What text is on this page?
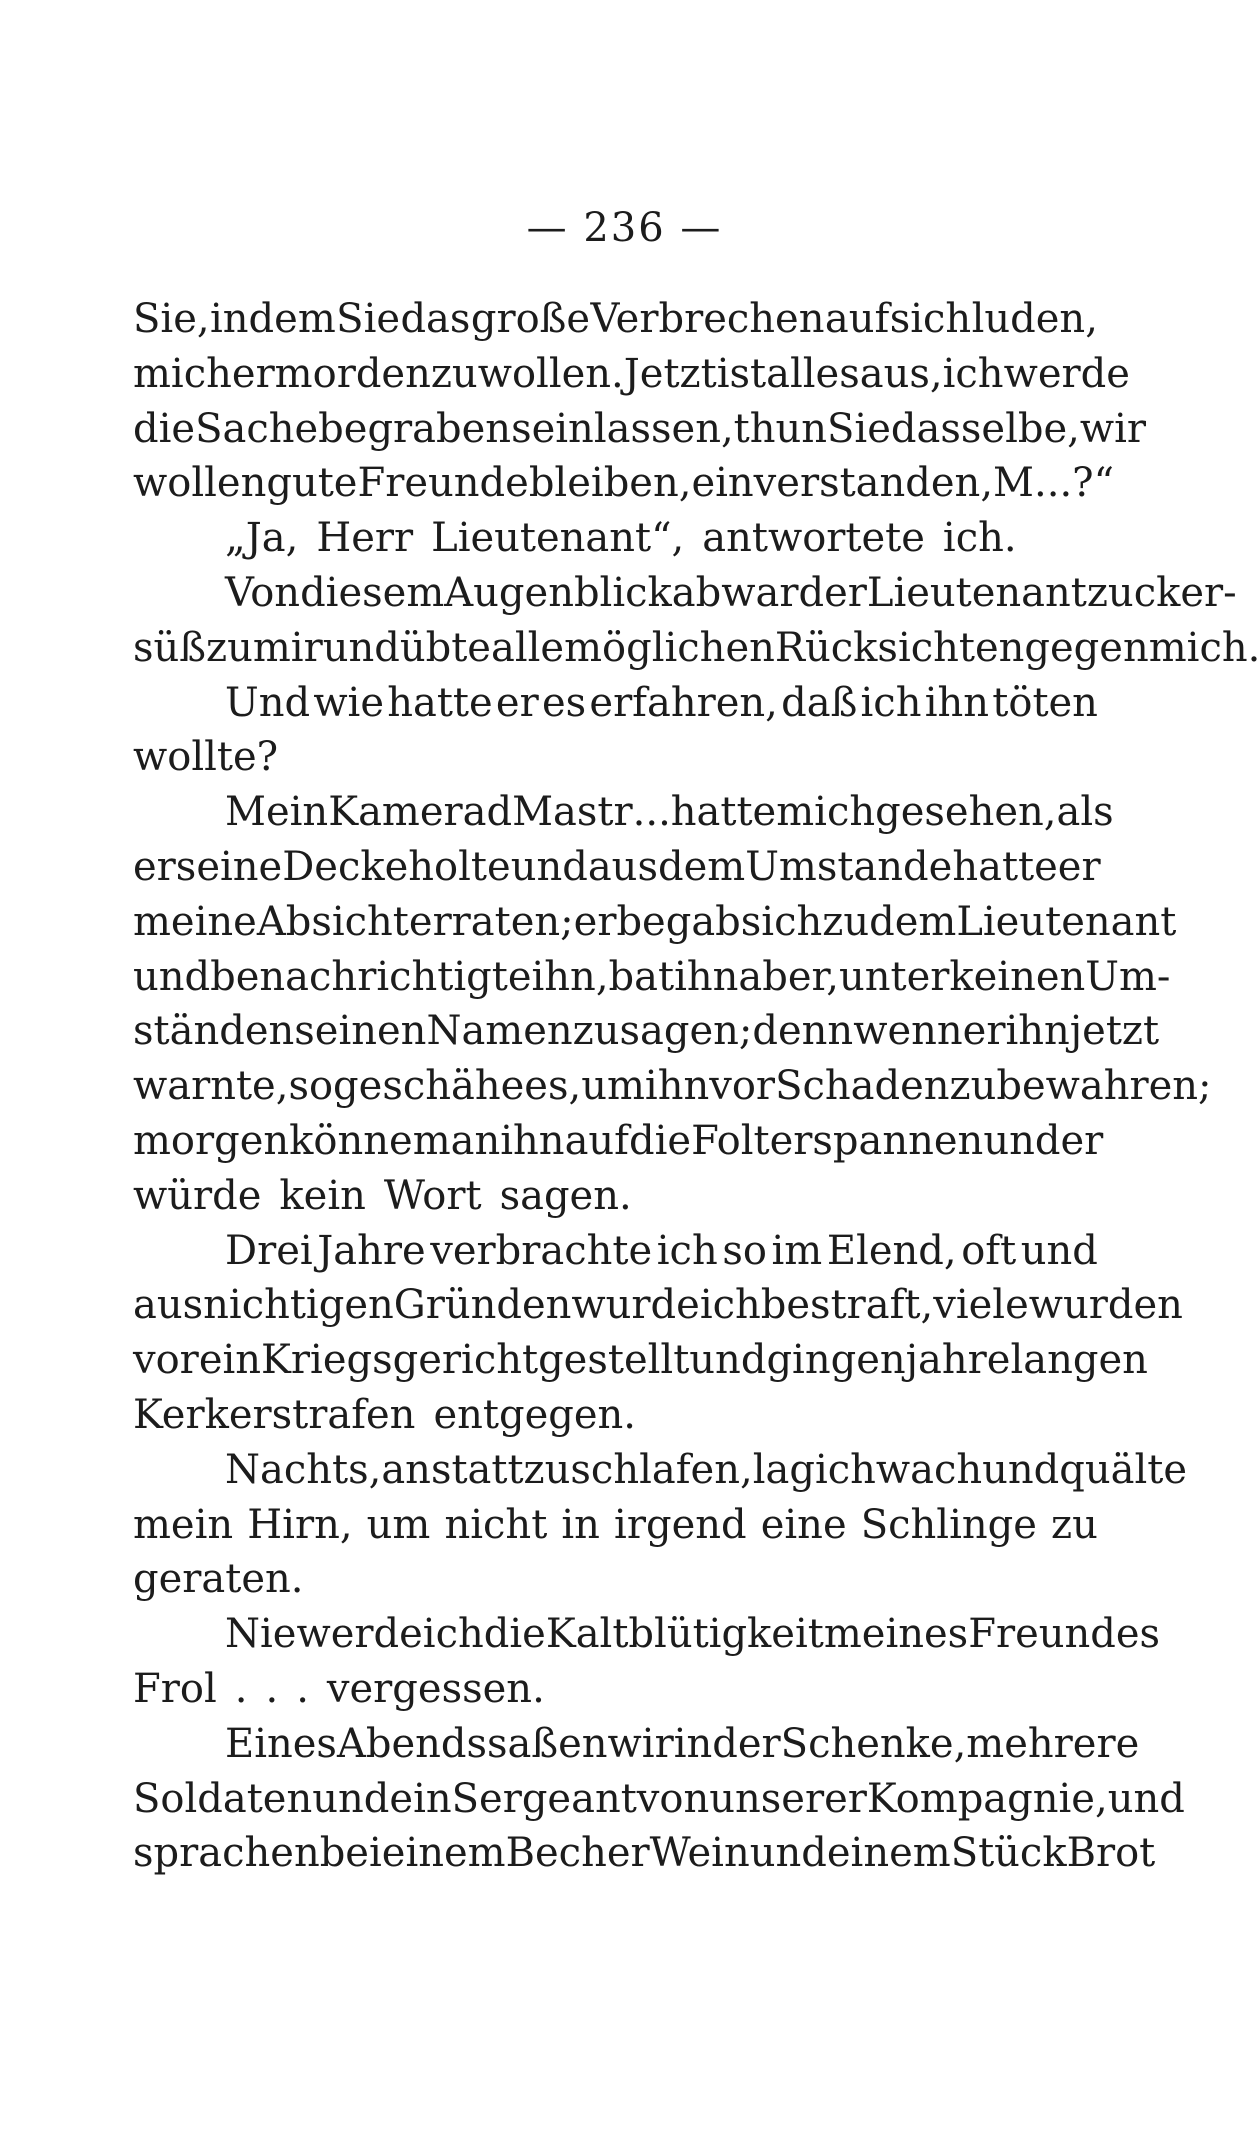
— 236 —
Sie, indem Sie das große Verbrechen auf sich luden,
mich ermorden zu wollen. Jetzt ist alles aus, ich werde
die Sache begraben sein lassen, thun Sie dasselbe, wir
wollen gute Freunde bleiben, einverstanden, M . . .?“
„Ja, Herr Lieutenant“, antwortete ich.
Von diesem Augenblick ab war der Lieutenant zucker-
süß zu mir und übte alle möglichen Rücksichten gegen mich.
Und wie hatte er es erfahren, daß ich ihn töten
wollte?
Mein Kamerad Mastr . . . hatte mich gesehen, als
er seine Decke holte und aus dem Umstande hatte er
meine Absicht erraten; er begab sich zu dem Lieutenant
und benachrichtigte ihn, bat ihn aber, unter keinen Um-
ständen seinen Namen zu sagen; denn wenn er ihn jetzt
warnte, so geschähe es, um ihn vor Schaden zu bewahren;
morgen könne man ihn auf die Folter spannen und er
würde kein Wort sagen.
Drei Jahre verbrachte ich so im Elend, oft und
aus nichtigen Gründen wurde ich bestraft, viele wurden
vor ein Kriegsgericht gestellt und gingen jahrelangen
Kerkerstrafen entgegen.
Nachts, anstatt zu schlafen, lag ich wach und quälte
mein Hirn, um nicht in irgend eine Schlinge zu
geraten.
Nie werde ich die Kaltblütigkeit meines Freundes
Frol . . . vergessen.
Eines Abends saßen wir in der Schenke, mehrere
Soldaten und ein Sergeant von unserer Kompagnie, und
sprachen bei einem Becher Wein und einem Stück Brot
